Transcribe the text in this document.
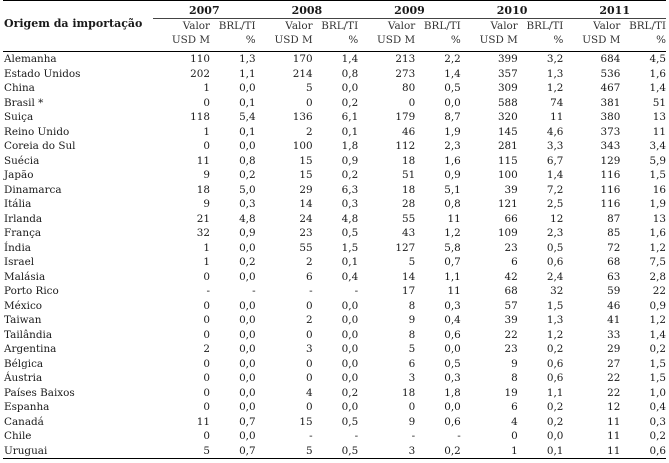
Origem da importação	2007		2008		2009		2010		2011	
	Valor	BRL/TI	Valor	BRL/TI	Valor	BRL/TI	Valor	BRL/TI	Valor	BRL/TI
	USD M	%	USD M	%	USD M	%	USD M	%	USD M	%

Alemanha	110	1,3	170	1,4	213	2,2	399	3,2	684	4,5
Estado Unidos	202	1,1	214	0,8	273	1,4	357	1,3	536	1,6
China	1	0,0	5	0,0	80	0,5	309	1,2	467	1,4
Brasil *	0	0,1	0	0,2	0	0,0	588	74	381	51
Suiça	118	5,4	136	6,1	179	8,7	320	11	380	13
Reino Unido	1	0,1	2	0,1	46	1,9	145	4,6	373	11
Coreia do Sul	0	0,0	100	1,8	112	2,3	281	3,3	343	3,4
Suécia	11	0,8	15	0,9	18	1,6	115	6,7	129	5,9
Japão	9	0,2	15	0,2	51	0,9	100	1,4	116	1,5
Dinamarca	18	5,0	29	6,3	18	5,1	39	7,2	116	16
Itália	9	0,3	14	0,3	28	0,8	121	2,5	116	1,9
Irlanda	21	4,8	24	4,8	55	11	66	12	87	13
França	32	0,9	23	0,5	43	1,2	109	2,3	85	1,6
Índia	1	0,0	55	1,5	127	5,8	23	0,5	72	1,2
Israel	1	0,2	2	0,1	5	0,7	6	0,6	68	7,5
Malásia	0	0,0	6	0,4	14	1,1	42	2,4	63	2,8
Porto Rico	-	-	-	-	17	11	68	32	59	22
México	0	0,0	0	0,0	8	0,3	57	1,5	46	0,9
Taiwan	0	0,0	2	0,0	9	0,4	39	1,3	41	1,2
Tailândia	0	0,0	0	0,0	8	0,6	22	1,2	33	1,4
Argentina	2	0,0	3	0,0	5	0,0	23	0,2	29	0,2
Bélgica	0	0,0	0	0,0	6	0,5	9	0,6	27	1,5
Áustria	0	0,0	0	0,0	3	0,3	8	0,6	22	1,5
Países Baixos	0	0,0	4	0,2	18	1,8	19	1,1	22	1,0
Espanha	0	0,0	0	0,0	0	0,0	6	0,2	12	0,4
Canadá	11	0,7	15	0,5	9	0,6	4	0,2	11	0,3
Chile	0	0,0	-	-	-	-	0	0,0	11	0,2
Uruguai	5	0,7	5	0,5	3	0,2	1	0,1	11	0,6
